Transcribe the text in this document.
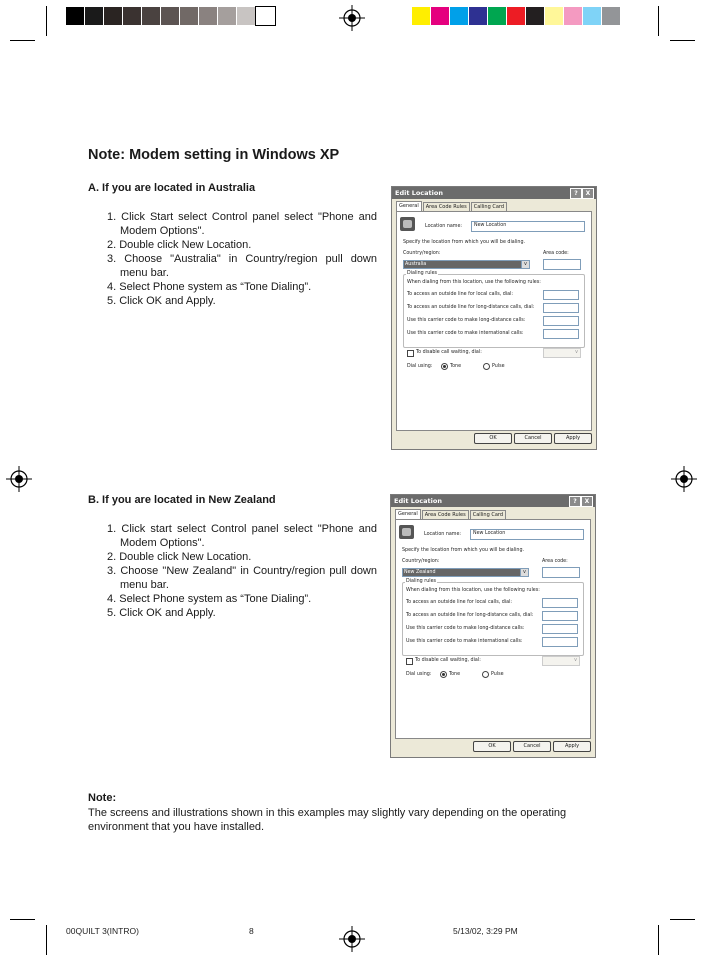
Note: Modem setting in Windows XP

A. If you are located in Australia

1. Click Start select Control panel select "Phone and Modem Options".
2. Double click New Location.
3. Choose "Australia" in Country/region pull down menu bar.
4. Select Phone system as “Tone Dialing”.
5. Click OK and Apply.

B. If you are located in New Zealand

1. Click start select Control panel select "Phone and Modem Options".
2. Double click New Location.
3. Choose "New Zealand" in Country/region pull down menu bar.
4. Select Phone system as “Tone Dialing”.
5. Click OK and Apply.
Edit Location	?	X
General	Area Code Rules	Calling Card
Location name: New Location
Specify the location from which you will be dialing.
Country/region:	Area code:
Australia	v
Dialing rules
When dialing from this location, use the following rules:
To access an outside line for local calls, dial:
To access an outside line for long-distance calls, dial:
Use this carrier code to make long-distance calls:
Use this carrier code to make international calls:
To disable call waiting, dial:	v
Dial using:	Tone	Pulse
OK	Cancel	Apply
Edit Location	?	X
General	Area Code Rules	Calling Card
Location name: New Location
Specify the location from which you will be dialing.
Country/region:	Area code:
New Zealand	v
Dialing rules
When dialing from this location, use the following rules:
To access an outside line for local calls, dial:
To access an outside line for long-distance calls, dial:
Use this carrier code to make long-distance calls:
Use this carrier code to make international calls:
To disable call waiting, dial:	v
Dial using:	Tone	Pulse
OK	Cancel	Apply

Note:

The screens and illustrations shown in this examples may slightly vary depending on the operating environment that you have installed.

00QUILT 3(INTRO)	8	5/13/02, 3:29 PM
